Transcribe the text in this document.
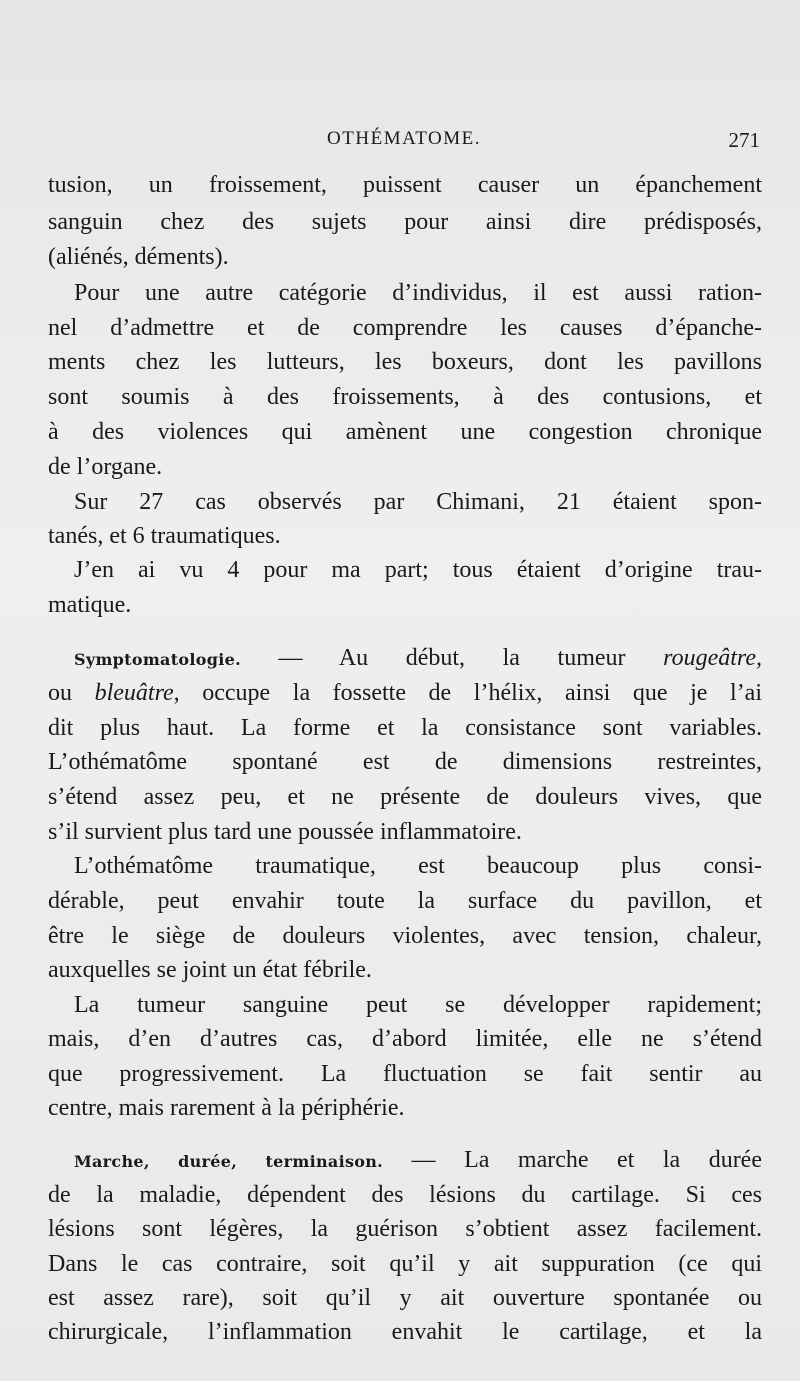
OTHÉMATOME.	271
tusion, un froissement, puissent causer un épanchement
sanguin chez des sujets pour ainsi dire prédisposés,
(aliénés, déments).
Pour une autre catégorie d’individus, il est aussi ration-
nel d’admettre et de comprendre les causes d’épanche-
ments chez les lutteurs, les boxeurs, dont les pavillons
sont soumis à des froissements, à des contusions, et
à des violences qui amènent une congestion chronique
de l’organe.
Sur 27 cas observés par Chimani, 21 étaient spon-
tanés, et 6 traumatiques.
J’en ai vu 4 pour ma part; tous étaient d’origine trau-
matique.
Symptomatologie. — Au début, la tumeur rougeâtre,
ou bleuâtre, occupe la fossette de l’hélix, ainsi que je l’ai
dit plus haut. La forme et la consistance sont variables.
L’othématôme spontané est de dimensions restreintes,
s’étend assez peu, et ne présente de douleurs vives, que
s’il survient plus tard une poussée inflammatoire.
L’othématôme traumatique, est beaucoup plus consi-
dérable, peut envahir toute la surface du pavillon, et
être le siège de douleurs violentes, avec tension, chaleur,
auxquelles se joint un état fébrile.
La tumeur sanguine peut se développer rapidement;
mais, d’en d’autres cas, d’abord limitée, elle ne s’étend
que progressivement. La fluctuation se fait sentir au
centre, mais rarement à la périphérie.
Marche, durée, terminaison. — La marche et la durée
de la maladie, dépendent des lésions du cartilage. Si ces
lésions sont légères, la guérison s’obtient assez facilement.
Dans le cas contraire, soit qu’il y ait suppuration (ce qui
est assez rare), soit qu’il y ait ouverture spontanée ou
chirurgicale, l’inflammation envahit le cartilage, et la
